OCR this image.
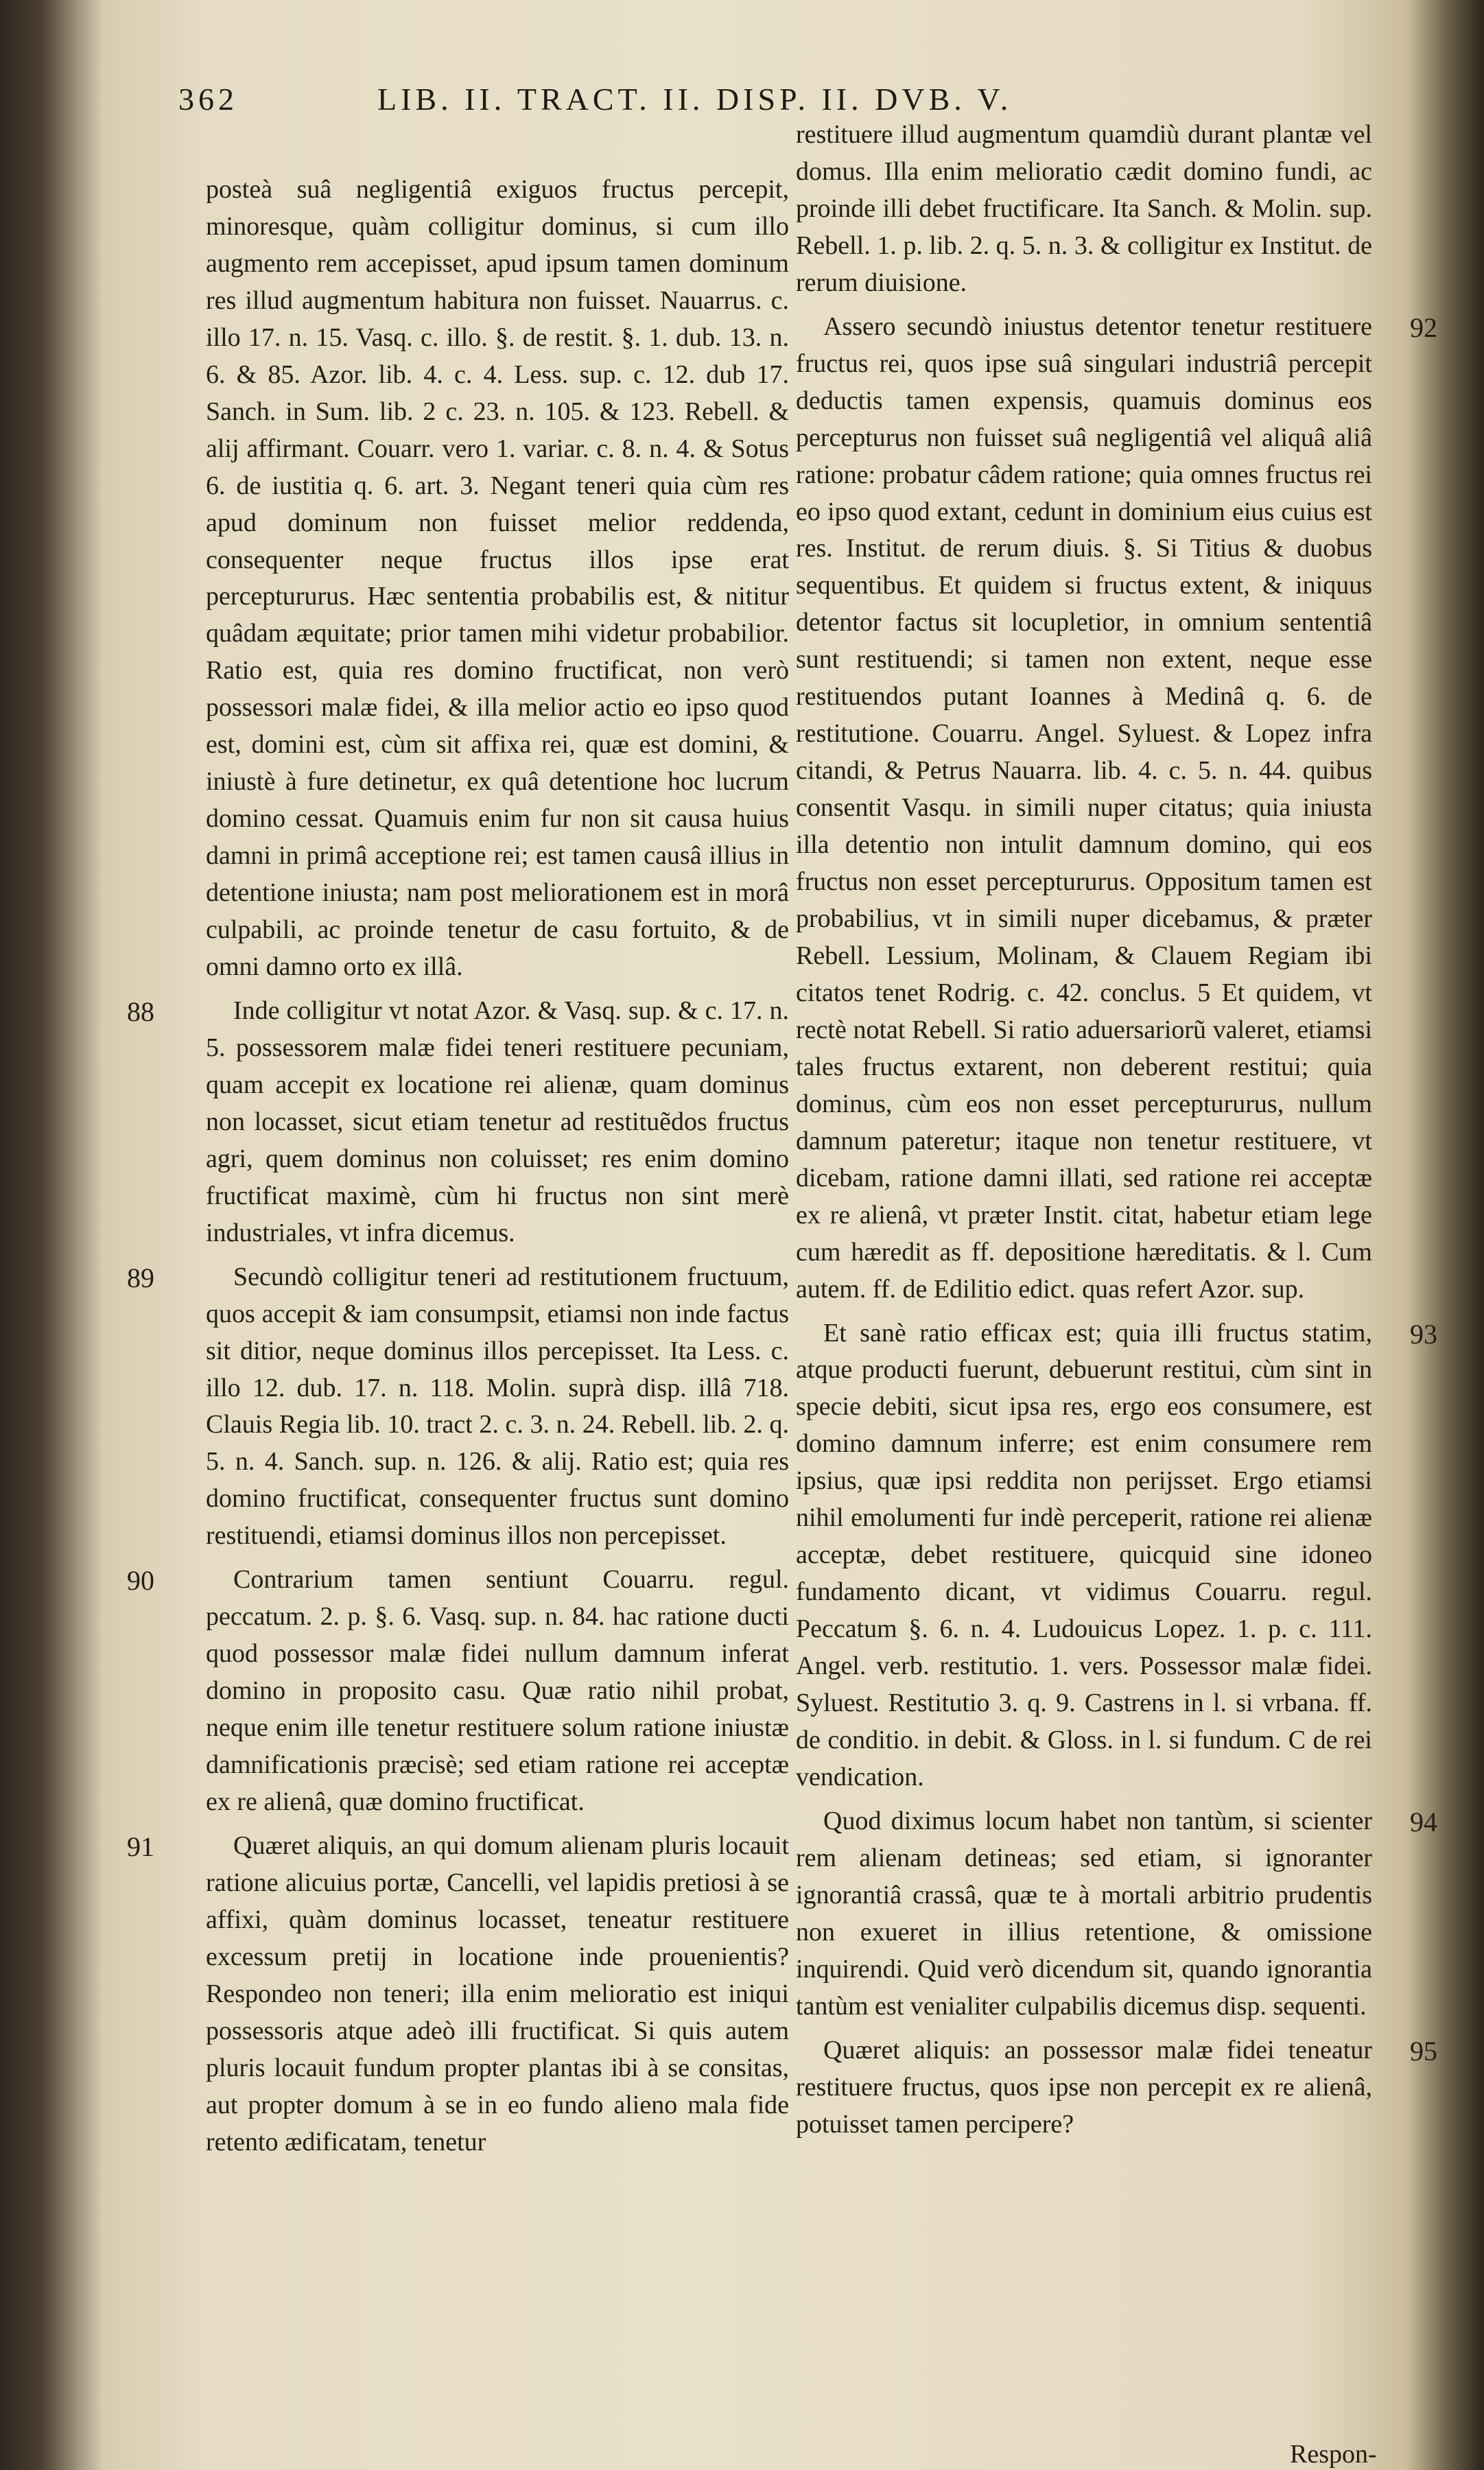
362	LIB. II. TRACT. II. DISP. II. DVB. V.

posteà suâ negligentiâ exiguos fructus percepit, minoresque, quàm colligitur dominus, si cum illo augmento rem accepisset, apud ipsum tamen dominum res illud augmentum habitura non fuisset. Nauarrus. c. illo 17. n. 15. Vasq. c. illo. §. de restit. §. 1. dub. 13. n. 6. & 85. Azor. lib. 4. c. 4. Less. sup. c. 12. dub 17. Sanch. in Sum. lib. 2 c. 23. n. 105. & 123. Rebell. & alij affirmant. Couarr. vero 1. variar. c. 8. n. 4. & Sotus 6. de iustitia q. 6. art. 3. Negant teneri quia cùm res apud dominum non fuisset melior reddenda, consequenter neque fructus illos ipse erat perceptururus. Hæc sententia probabilis est, & nititur quâdam æquitate; prior tamen mihi videtur probabilior. Ratio est, quia res domino fructificat, non verò possessori malæ fidei, & illa melior actio eo ipso quod est, domini est, cùm sit affixa rei, quæ est domini, & iniustè à fure detinetur, ex quâ detentione hoc lucrum domino cessat. Quamuis enim fur non sit causa huius damni in primâ acceptione rei; est tamen causâ illius in detentione iniusta; nam post meliorationem est in morâ culpabili, ac proinde tenetur de casu fortuito, & de omni damno orto ex illâ.

88	Inde colligitur vt notat Azor. & Vasq. sup. & c. 17. n. 5. possessorem malæ fidei teneri restituere pecuniam, quam accepit ex locatione rei alienæ, quam dominus non locasset, sicut etiam tenetur ad restituẽdos fructus agri, quem dominus non coluisset; res enim domino fructificat maximè, cùm hi fructus non sint merè industriales, vt infra dicemus.

89	Secundò colligitur teneri ad restitutionem fructuum, quos accepit & iam consumpsit, etiamsi non inde factus sit ditior, neque dominus illos percepisset. Ita Less. c. illo 12. dub. 17. n. 118. Molin. suprà disp. illâ 718. Clauis Regia lib. 10. tract 2. c. 3. n. 24. Rebell. lib. 2. q. 5. n. 4. Sanch. sup. n. 126. & alij. Ratio est; quia res domino fructificat, consequenter fructus sunt domino restituendi, etiamsi dominus illos non percepisset.

90	Contrarium tamen sentiunt Couarru. regul. peccatum. 2. p. §. 6. Vasq. sup. n. 84. hac ratione ducti quod possessor malæ fidei nullum damnum inferat domino in proposito casu. Quæ ratio nihil probat, neque enim ille tenetur restituere solum ratione iniustæ damnificationis præcisè; sed etiam ratione rei acceptæ ex re alienâ, quæ domino fructificat.

91	Quæret aliquis, an qui domum alienam pluris locauit ratione alicuius portæ, Cancelli, vel lapidis pretiosi à se affixi, quàm dominus locasset, teneatur restituere excessum pretij in locatione inde prouenientis? Respondeo non teneri; illa enim melioratio est iniqui possessoris atque adeò illi fructificat. Si quis autem pluris locauit fundum propter plantas ibi à se consitas, aut propter domum à se in eo fundo alieno mala fide retento ædificatam, tenetur

restituere illud augmentum quamdiù durant plantæ vel domus. Illa enim melioratio cædit domino fundi, ac proinde illi debet fructificare. Ita Sanch. & Molin. sup. Rebell. 1. p. lib. 2. q. 5. n. 3. & colligitur ex Institut. de rerum diuisione.

92
Assero secundò iniustus detentor tenetur restituere fructus rei, quos ipse suâ singulari industriâ percepit deductis tamen expensis, quamuis dominus eos percepturus non fuisset suâ negligentiâ vel aliquâ aliâ ratione: probatur câdem ratione; quia omnes fructus rei eo ipso quod extant, cedunt in dominium eius cuius est res. Institut. de rerum diuis. §. Si Titius & duobus sequentibus. Et quidem si fructus extent, & iniquus detentor factus sit locupletior, in omnium sententiâ sunt restituendi; si tamen non extent, neque esse restituendos putant Ioannes à Medinâ q. 6. de restitutione. Couarru. Angel. Syluest. & Lopez infra citandi, & Petrus Nauarra. lib. 4. c. 5. n. 44. quibus consentit Vasqu. in simili nuper citatus; quia iniusta illa detentio non intulit damnum domino, qui eos fructus non esset perceptururus. Oppositum tamen est probabilius, vt in simili nuper dicebamus, & præter Rebell. Lessium, Molinam, & Clauem Regiam ibi citatos tenet Rodrig. c. 42. conclus. 5 Et quidem, vt rectè notat Rebell. Si ratio aduersariorũ valeret, etiamsi tales fructus extarent, non deberent restitui; quia dominus, cùm eos non esset perceptururus, nullum damnum pateretur; itaque non tenetur restituere, vt dicebam, ratione damni illati, sed ratione rei acceptæ ex re alienâ, vt præter Instit. citat, habetur etiam lege cum hæredit as ff. depositione hæreditatis. & l. Cum autem. ff. de Edilitio edict. quas refert Azor. sup.

93
Et sanè ratio efficax est; quia illi fructus statim, atque producti fuerunt, debuerunt restitui, cùm sint in specie debiti, sicut ipsa res, ergo eos consumere, est domino damnum inferre; est enim consumere rem ipsius, quæ ipsi reddita non perijsset. Ergo etiamsi nihil emolumenti fur indè perceperit, ratione rei alienæ acceptæ, debet restituere, quicquid sine idoneo fundamento dicant, vt vidimus Couarru. regul. Peccatum §. 6. n. 4. Ludouicus Lopez. 1. p. c. 111. Angel. verb. restitutio. 1. vers. Possessor malæ fidei. Syluest. Restitutio 3. q. 9. Castrens in l. si vrbana. ff. de conditio. in debit. & Gloss. in l. si fundum. C de rei vendication.

94
Quod diximus locum habet non tantùm, si scienter rem alienam detineas; sed etiam, si ignoranter ignorantiâ crassâ, quæ te à mortali arbitrio prudentis non exueret in illius retentione, & omissione inquirendi. Quid verò dicendum sit, quando ignorantia tantùm est venialiter culpabilis dicemus disp. sequenti.

95
Quæret aliquis: an possessor malæ fidei teneatur restituere fructus, quos ipse non percepit ex re alienâ, potuisset tamen percipere?

Respon-
